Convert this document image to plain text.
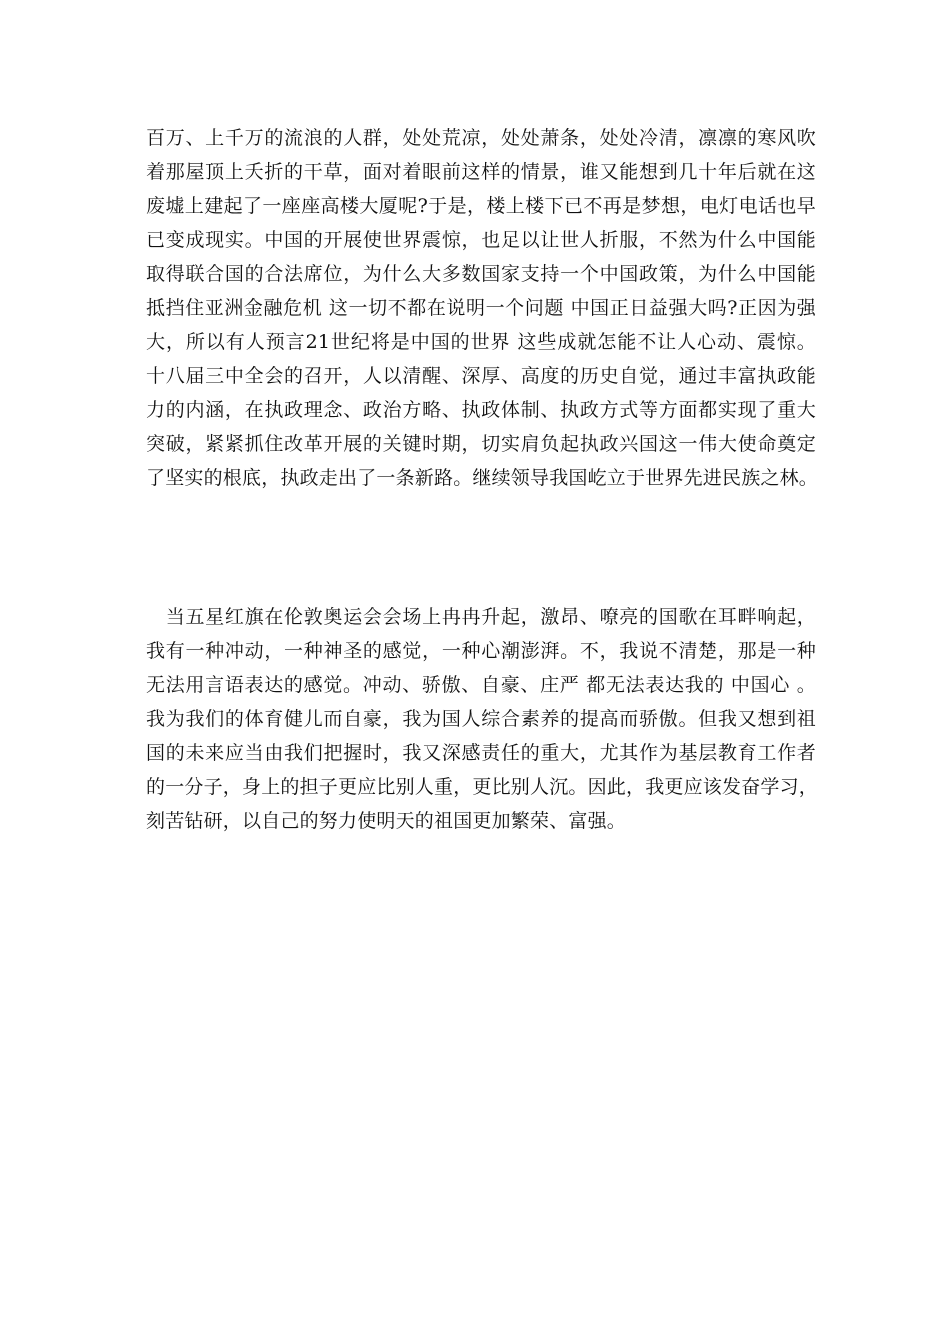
百万、上千万的流浪的人群，处处荒凉，处处萧条，处处冷清，凛凛的寒风吹
着那屋顶上夭折的干草，面对着眼前这样的情景，谁又能想到几十年后就在这
废墟上建起了一座座高楼大厦呢?于是，楼上楼下已不再是梦想，电灯电话也早
已变成现实。中国的开展使世界震惊，也足以让世人折服，不然为什么中国能
取得联合国的合法席位，为什么大多数国家支持一个中国政策，为什么中国能
抵挡住亚洲金融危机 这一切不都在说明一个问题 中国正日益强大吗?正因为强
大，所以有人预言21世纪将是中国的世界 这些成就怎能不让人心动、震惊。
十八届三中全会的召开，人以清醒、深厚、高度的历史自觉，通过丰富执政能
力的内涵，在执政理念、政治方略、执政体制、执政方式等方面都实现了重大
突破，紧紧抓住改革开展的关键时期，切实肩负起执政兴国这一伟大使命奠定
了坚实的根底，执政走出了一条新路。继续领导我国屹立于世界先进民族之林。
　当五星红旗在伦敦奥运会会场上冉冉升起，激昂、嘹亮的国歌在耳畔响起，
我有一种冲动，一种神圣的感觉，一种心潮澎湃。不，我说不清楚，那是一种
无法用言语表达的感觉。冲动、骄傲、自豪、庄严 都无法表达我的 中国心 。
我为我们的体育健儿而自豪，我为国人综合素养的提高而骄傲。但我又想到祖
国的未来应当由我们把握时，我又深感责任的重大，尤其作为基层教育工作者
的一分子，身上的担子更应比别人重，更比别人沉。因此，我更应该发奋学习，
刻苦钻研，以自己的努力使明天的祖国更加繁荣、富强。
